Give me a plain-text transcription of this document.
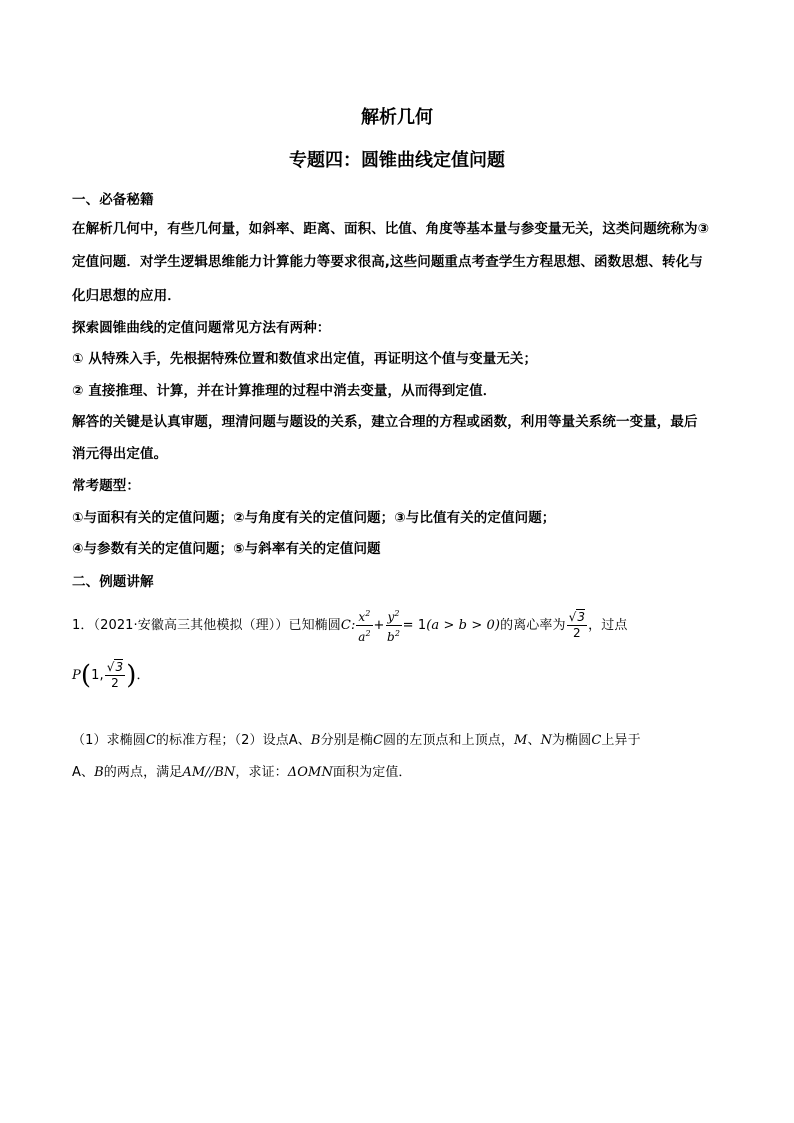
解析几何
专题四：圆锥曲线定值问题
一、必备秘籍
在解析几何中，有些几何量，如斜率、距离、面积、比值、角度等基本量与参变量无关，这类问题统称为③
定值问题．对学生逻辑思维能力计算能力等要求很高,这些问题重点考查学生方程思想、函数思想、转化与
化归思想的应用．
探索圆锥曲线的定值问题常见方法有两种：
① 从特殊入手，先根据特殊位置和数值求出定值，再证明这个值与变量无关；
② 直接推理、计算，并在计算推理的过程中消去变量，从而得到定值．
解答的关键是认真审题，理清问题与题设的关系，建立合理的方程或函数，利用等量关系统一变量，最后
消元得出定值。
常考题型：
①与面积有关的定值问题；②与角度有关的定值问题；③与比值有关的定值问题；
④与参数有关的定值问题；⑤与斜率有关的定值问题
二、例题讲解
1．（2021·安徽高三其他模拟（理））已知椭圆C: $\frac{x^2}{a^2} + \frac{y^2}{b^2} = 1(a > b > 0)$的离心率为 $\frac{√3}{2}$ ，过点
P(1, $\frac{√3}{2}$ )．
（1）求椭圆C的标准方程；（2）设点A、B分别是椭C圆的左顶点和上顶点，M、N为椭圆C上异于
A、B的两点，满足AM//BN，求证：ΔOMN面积为定值．
